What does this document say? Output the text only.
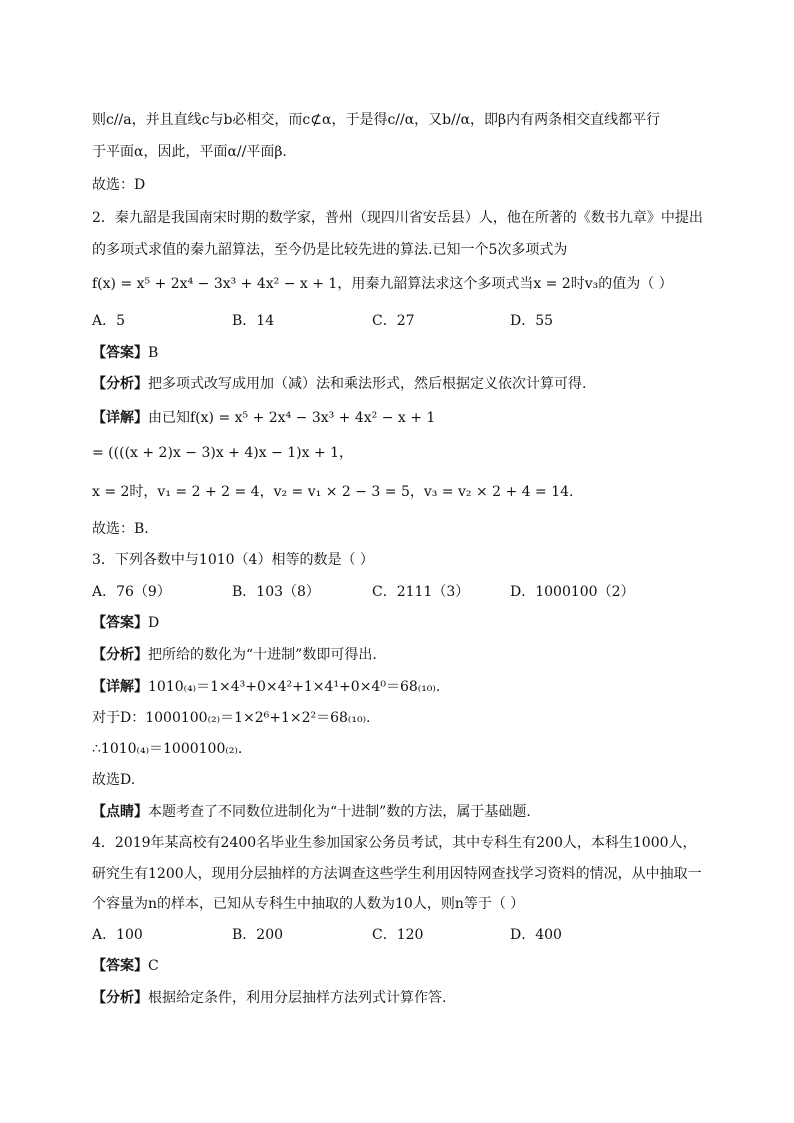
则c//a，并且直线c与b必相交，而c⊄α，于是得c//α，又b//α，即β内有两条相交直线都平行
于平面α，因此，平面α//平面β.
故选：D
2．秦九韶是我国南宋时期的数学家，普州（现四川省安岳县）人，他在所著的《数书九章》中提出
的多项式求值的秦九韶算法，至今仍是比较先进的算法.已知一个5次多项式为
f(x) = x⁵ + 2x⁴ − 3x³ + 4x² − x + 1，用秦九韶算法求这个多项式当x = 2时v₃的值为（ ）
A．5	B．14	C．27	D．55
【答案】B
【分析】把多项式改写成用加（减）法和乘法形式，然后根据定义依次计算可得.
【详解】由已知f(x) = x⁵ + 2x⁴ − 3x³ + 4x² − x + 1
= ((((x + 2)x − 3)x + 4)x − 1)x + 1，
x = 2时，v₁ = 2 + 2 = 4，v₂ = v₁ × 2 − 3 = 5，v₃ = v₂ × 2 + 4 = 14.
故选：B.
3．下列各数中与1010（4）相等的数是（ ）
A．76（9）	B．103（8）	C．2111（3）	D．1000100（2）
【答案】D
【分析】把所给的数化为“十进制”数即可得出.
【详解】1010₍₄₎＝1×4³+0×4²+1×4¹+0×4⁰＝68₍₁₀₎.
对于D：1000100₍₂₎＝1×2⁶+1×2²＝68₍₁₀₎.
∴1010₍₄₎＝1000100₍₂₎.
故选D.
【点睛】本题考查了不同数位进制化为“十进制”数的方法，属于基础题.
4．2019年某高校有2400名毕业生参加国家公务员考试，其中专科生有200人，本科生1000人，
研究生有1200人，现用分层抽样的方法调查这些学生利用因特网查找学习资料的情况，从中抽取一
个容量为n的样本，已知从专科生中抽取的人数为10人，则n等于（ ）
A．100	B．200	C．120	D．400
【答案】C
【分析】根据给定条件，利用分层抽样方法列式计算作答.
